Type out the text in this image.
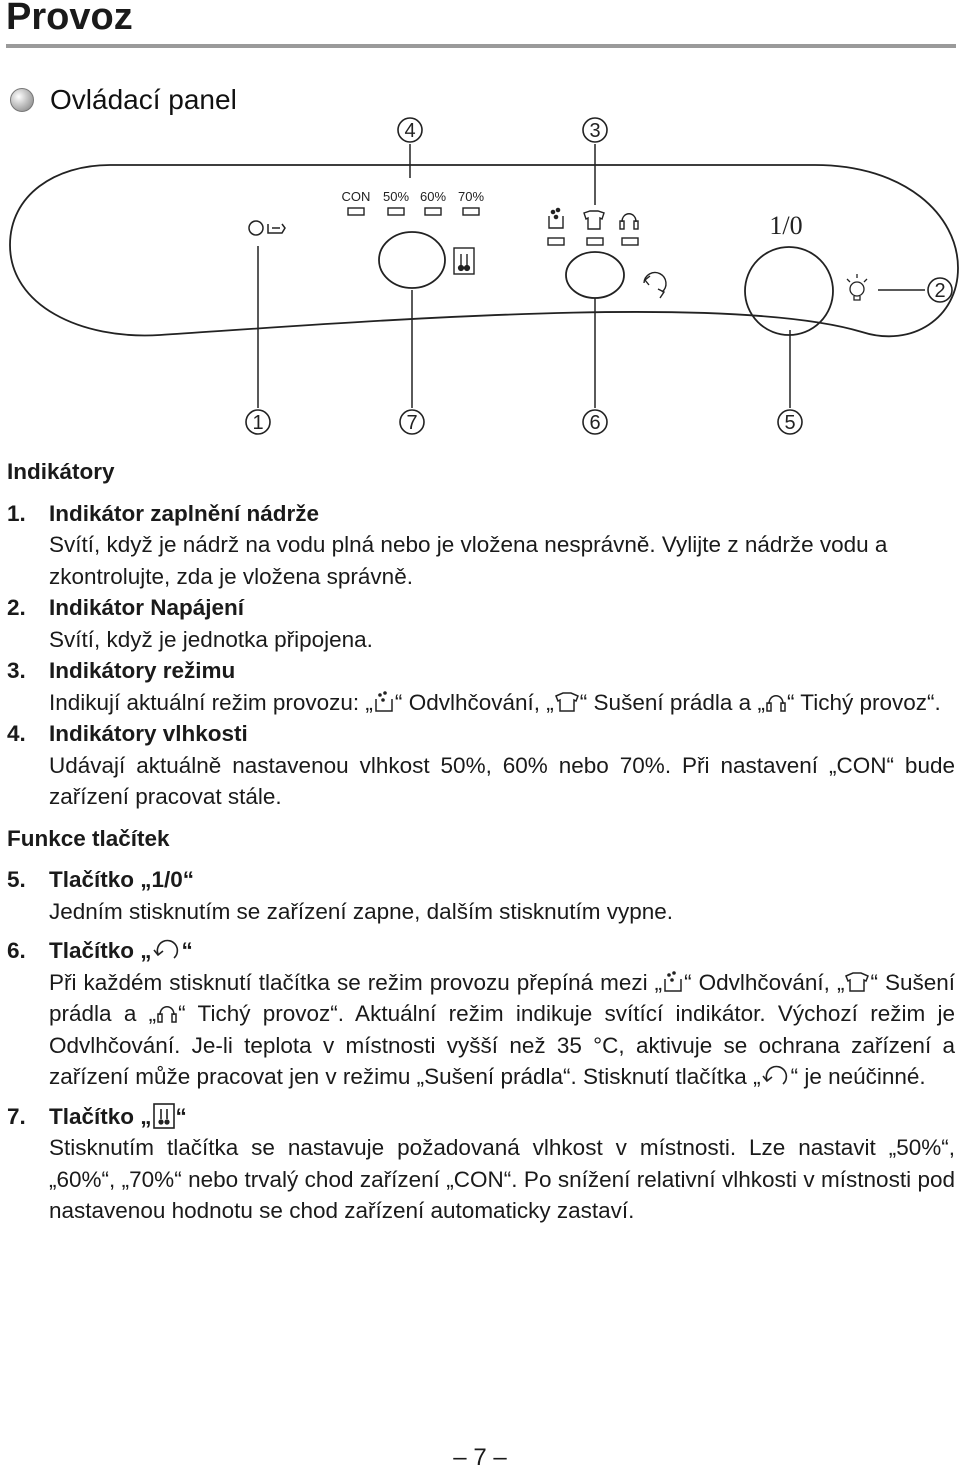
Provoz
Ovládací panel
4	3
2
1	7	6	5
CON 50% 60% 70%
1/0
Indikátory
1. Indikátor zaplnění nádrže

Svítí, když je nádrž na vodu plná nebo je vložena nesprávně. Vylijte z nádrže vodu a zkontrolujte, zda je vložena správně.

2. Indikátor Napájení

Svítí, když je jednotka připojena.

3. Indikátory režimu

Indikují aktuální režim provozu: „ “ Odvlhčování, „ “ Sušení prádla a „ “ Tichý provoz“.

4. Indikátory vlhkosti

Udávají aktuálně nastavenou vlhkost 50%, 60% nebo 70%. Při nastavení „CON“ bude zařízení pracovat stále.

Funkce tlačítek
5. Tlačítko „1/0“

Jedním stisknutím se zařízení zapne, dalším stisknutím vypne.

6. Tlačítko „ “

Při každém stisknutí tlačítka se režim provozu přepíná mezi „ “ Odvlhčování, „ “ Sušení prádla a „ “ Tichý provoz“. Aktuální režim indikuje svítící indikátor. Výchozí režim je Odvlhčování. Je-li teplota v místnosti vyšší než 35 °C, aktivuje se ochrana zařízení a zařízení může pracovat jen v režimu „Sušení prádla“. Stisknutí tlačítka „ “ je neúčinné.

7. Tlačítko „ “

Stisknutím tlačítka se nastavuje požadovaná vlhkost v místnosti. Lze nastavit „50%“, „60%“, „70%“ nebo trvalý chod zařízení „CON“. Po snížení relativní vlhkosti v místnosti pod nastavenou hodnotu se chod zařízení automaticky zastaví.

– 7 –
